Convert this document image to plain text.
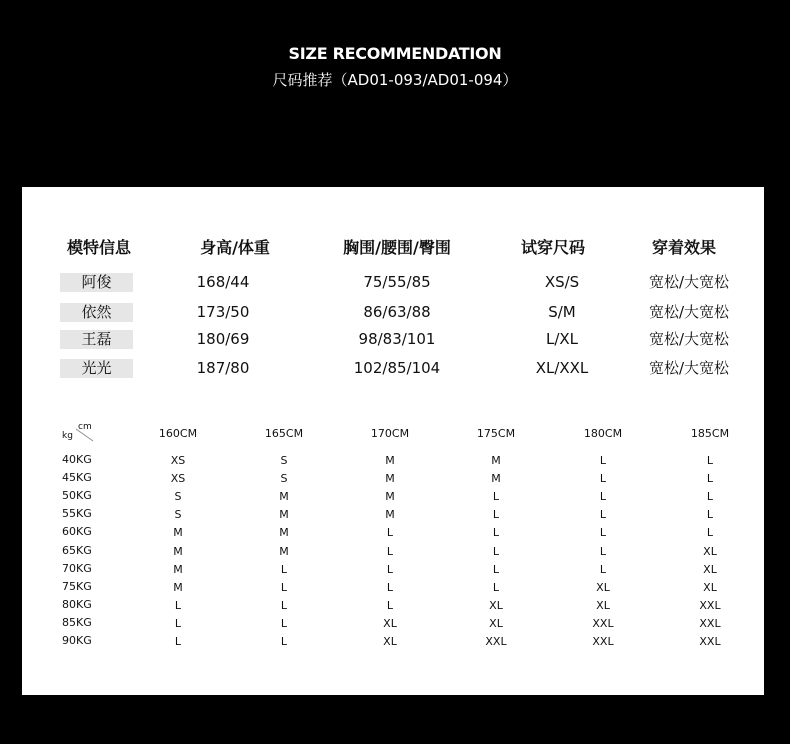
SIZE RECOMMENDATION
尺码推荐（AD01-093/AD01-094）
模特信息	身高/体重	胸围/腰围/臀围	试穿尺码	穿着效果
阿俊	168/44	75/55/85	XS/S	宽松/大宽松
依然	173/50	86/63/88	S/M	宽松/大宽松
王磊	180/69	98/83/101	L/XL	宽松/大宽松
光光	187/80	102/85/104	XL/XXL	宽松/大宽松
cm
kg	160CM	165CM	170CM	175CM	180CM	185CM
40KG	XS	S	M	M	L	L
45KG	XS	S	M	M	L	L
50KG	S	M	M	L	L	L
55KG	S	M	M	L	L	L
60KG	M	M	L	L	L	L
65KG	M	M	L	L	L	XL
70KG	M	L	L	L	L	XL
75KG	M	L	L	L	XL	XL
80KG	L	L	L	XL	XL	XXL
85KG	L	L	XL	XL	XXL	XXL
90KG	L	L	XL	XXL	XXL	XXL
